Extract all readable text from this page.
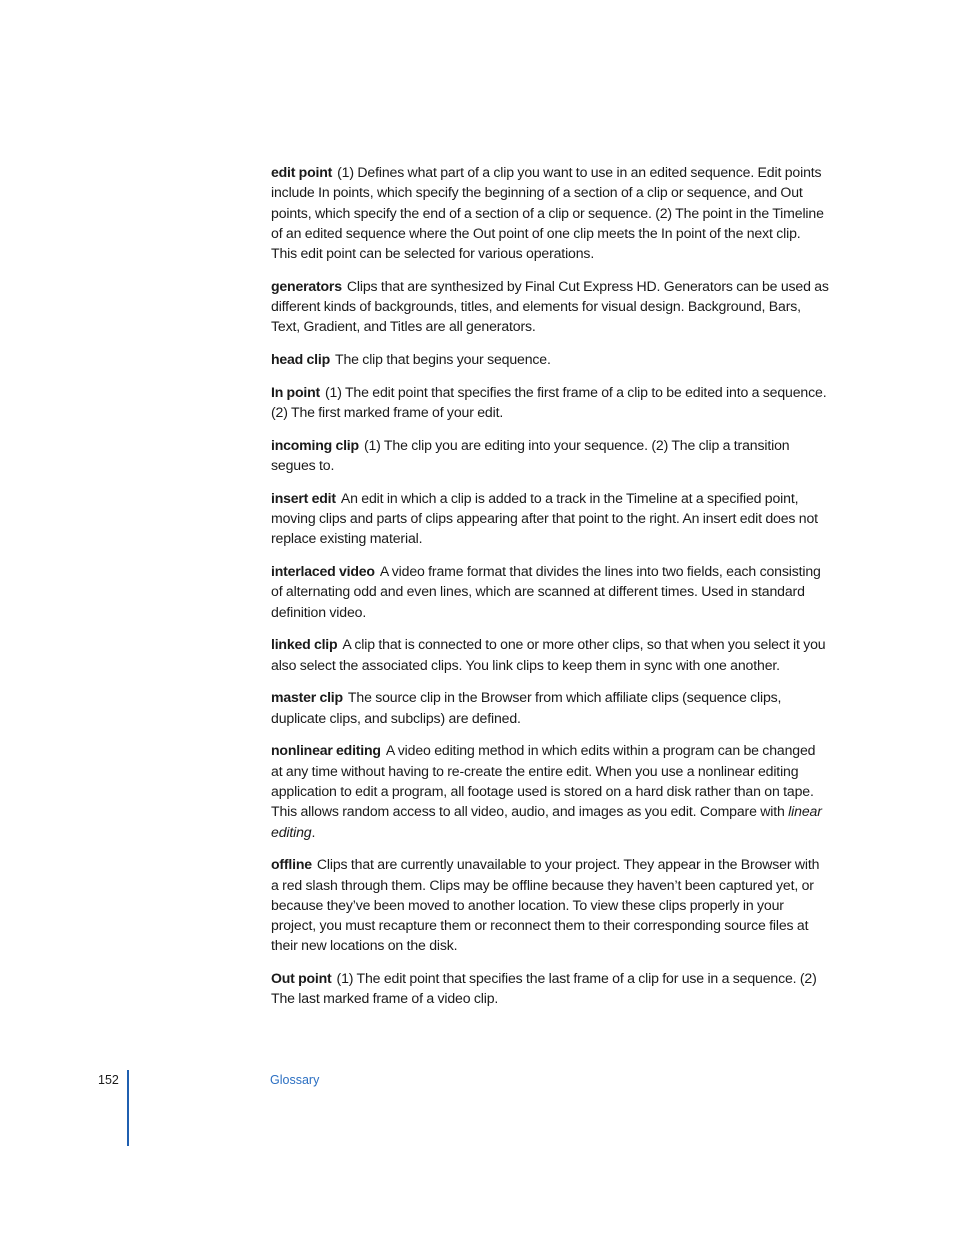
edit point (1) Defines what part of a clip you want to use in an edited sequence. Edit points include In points, which specify the beginning of a section of a clip or sequence, and Out points, which specify the end of a section of a clip or sequence. (2) The point in the Timeline of an edited sequence where the Out point of one clip meets the In point of the next clip. This edit point can be selected for various operations.

generators Clips that are synthesized by Final Cut Express HD. Generators can be used as different kinds of backgrounds, titles, and elements for visual design. Background, Bars, Text, Gradient, and Titles are all generators.

head clip The clip that begins your sequence.

In point (1) The edit point that specifies the first frame of a clip to be edited into a sequence. (2) The first marked frame of your edit.

incoming clip (1) The clip you are editing into your sequence. (2) The clip a transition segues to.

insert edit An edit in which a clip is added to a track in the Timeline at a specified point, moving clips and parts of clips appearing after that point to the right. An insert edit does not replace existing material.

interlaced video A video frame format that divides the lines into two fields, each consisting of alternating odd and even lines, which are scanned at different times. Used in standard definition video.

linked clip A clip that is connected to one or more other clips, so that when you select it you also select the associated clips. You link clips to keep them in sync with one another.

master clip The source clip in the Browser from which affiliate clips (sequence clips, duplicate clips, and subclips) are defined.

nonlinear editing A video editing method in which edits within a program can be changed at any time without having to re-create the entire edit. When you use a nonlinear editing application to edit a program, all footage used is stored on a hard disk rather than on tape. This allows random access to all video, audio, and images as you edit. Compare with linear editing.

offline Clips that are currently unavailable to your project. They appear in the Browser with a red slash through them. Clips may be offline because they haven’t been captured yet, or because they’ve been moved to another location. To view these clips properly in your project, you must recapture them or reconnect them to their corresponding source files at their new locations on the disk.

Out point (1) The edit point that specifies the last frame of a clip for use in a sequence. (2) The last marked frame of a video clip.

152	Glossary
